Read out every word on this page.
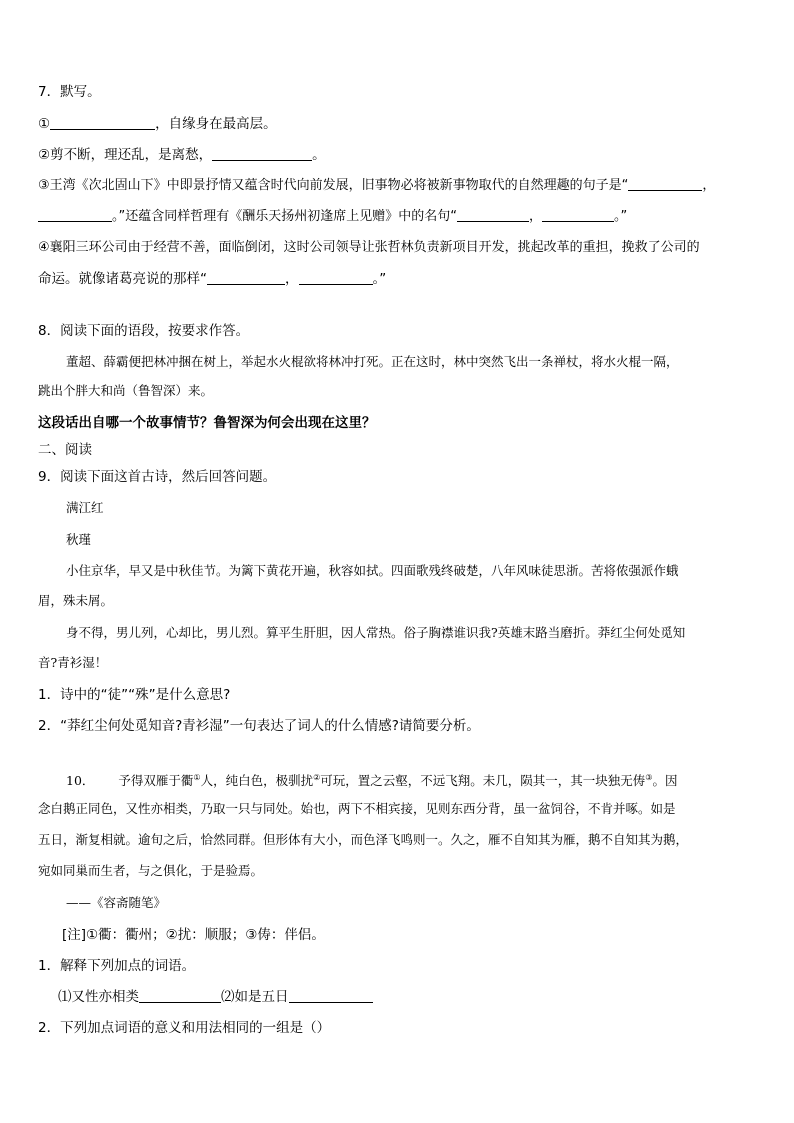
7．默写。
①	，自缘身在最高层。
②剪不断，理还乱，是离愁，	。
③王湾《次北固山下》中即景抒情又蕴含时代向前发展，旧事物必将被新事物取代的自然理趣的句子是“	，
。”还蕴含同样哲理有《酬乐天扬州初逢席上见赠》中的名句“	，	。”
④襄阳三环公司由于经营不善，面临倒闭，这时公司领导让张哲林负责新项目开发，挑起改革的重担，挽救了公司的
命运。就像诸葛亮说的那样“	，	。”
8．阅读下面的语段，按要求作答。
董超、薛霸便把林冲捆在树上，举起水火棍欲将林冲打死。正在这时，林中突然飞出一条禅杖，将水火棍一隔，
跳出个胖大和尚（鲁智深）来。
这段话出自哪一个故事情节？鲁智深为何会出现在这里？
二、阅读
9．阅读下面这首古诗，然后回答问题。
满江红
秋瑾
小住京华，早又是中秋佳节。为篱下黄花开遍，秋容如拭。四面歌残终破楚，八年风味徒思浙。苦将侬强派作蛾
眉，殊未屑。
身不得，男儿列，心却比，男儿烈。算平生肝胆，因人常热。俗子胸襟谁识我?英雄末路当磨折。莽红尘何处觅知
音?青衫湿！
1．诗中的“徒”“殊”是什么意思?
2．“莽红尘何处觅知音?青衫湿”一句表达了词人的什么情感?请简要分析。
10． 予得双雁于衢①人，纯白色，极驯扰②可玩，置之云壑，不远飞翔。未几，陨其一，其一块独无俦③。因
念白鹅正同色，又性亦相类，乃取一只与同处。始也，两下不相宾接，见则东西分背，虽一盆饲谷，不肯并啄。如是
五日，渐复相就。逾旬之后，恰然同群。但形体有大小，而色泽飞鸣则一。久之，雁不自知其为雁，鹅不自知其为鹅，
宛如同巢而生者，与之俱化，于是验焉。
——《容斋随笔》
[注]①衢：衢州；②扰：顺服；③俦：伴侣。
1．解释下列加点的词语。
⑴又性亦相类	⑵如是五日
2．下列加点词语的意义和用法相同的一组是（）
